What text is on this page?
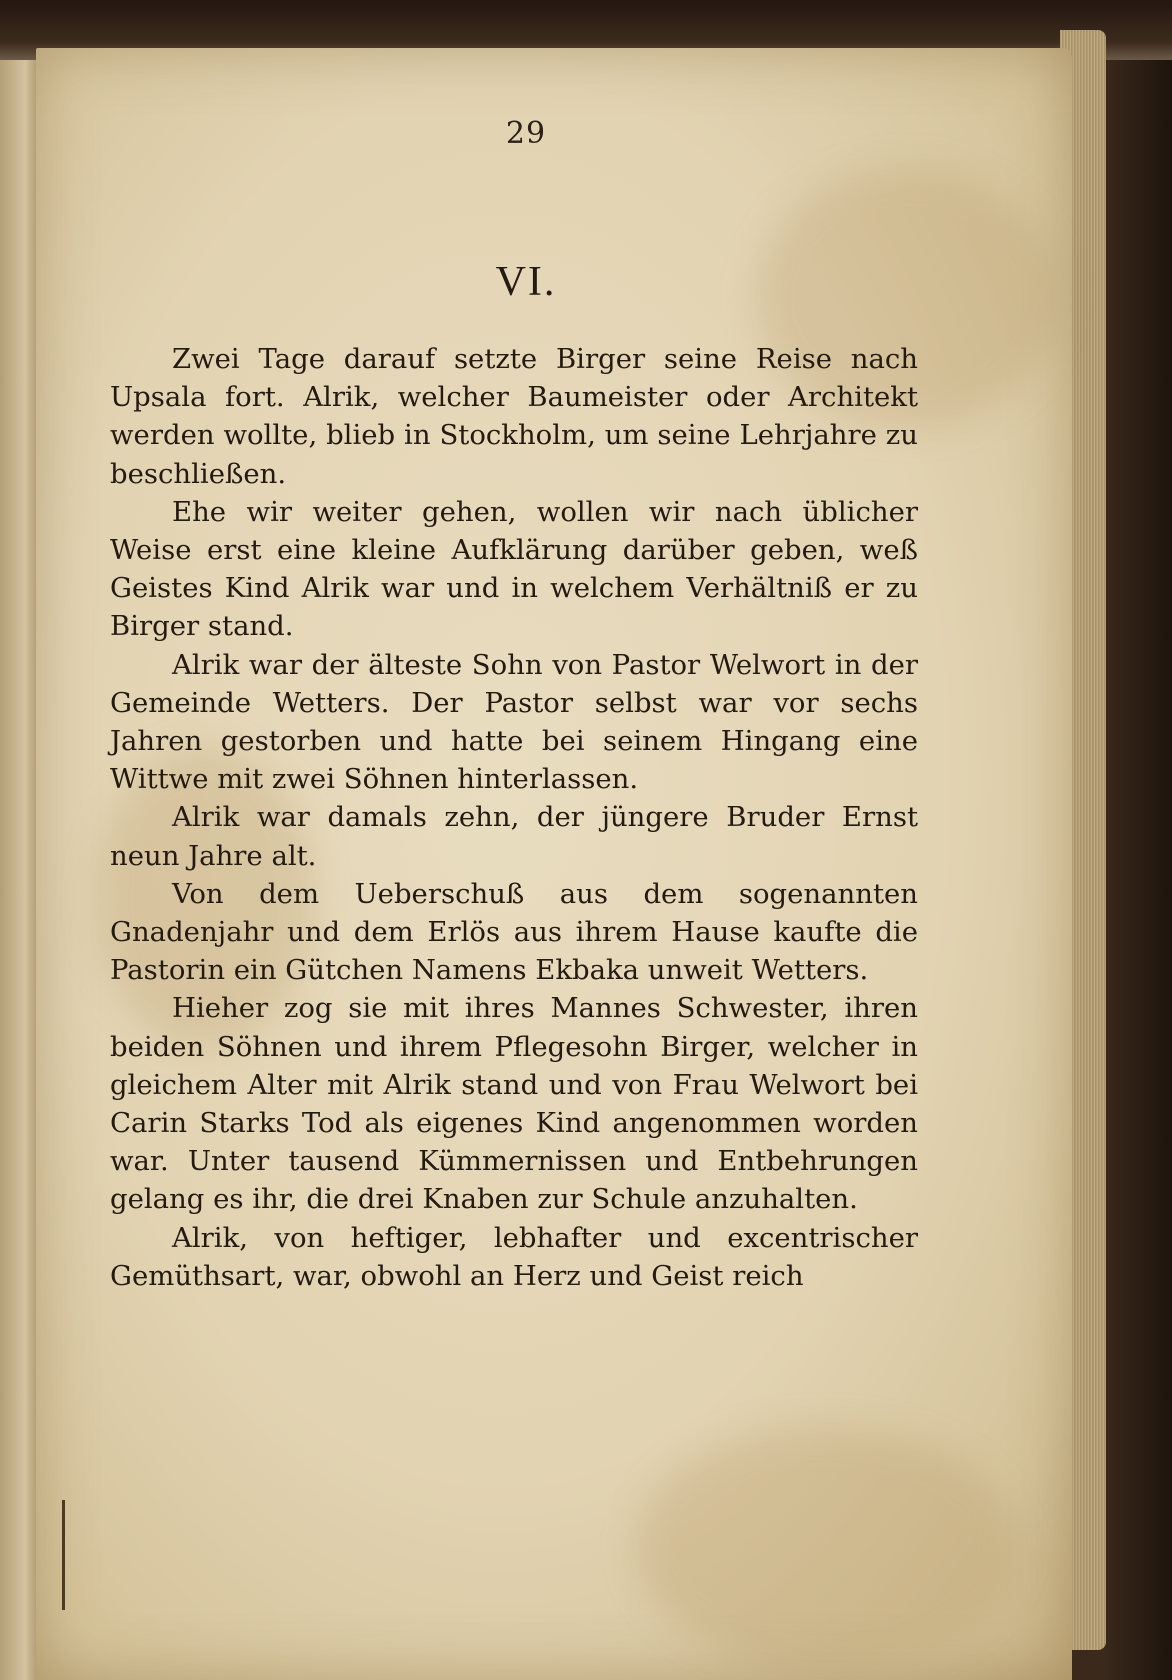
29
VI.

Zwei Tage darauf setzte Birger seine Reise nach Upsala fort. Alrik, welcher Baumeister oder Architekt werden wollte, blieb in Stockholm, um seine Lehrjahre zu beschließen.

Ehe wir weiter gehen, wollen wir nach üblicher Weise erst eine kleine Aufklärung darüber geben, weß Geistes Kind Alrik war und in welchem Verhältniß er zu Birger stand.

Alrik war der älteste Sohn von Pastor Welwort in der Gemeinde Wetters. Der Pastor selbst war vor sechs Jahren gestorben und hatte bei seinem Hingang eine Wittwe mit zwei Söhnen hinterlassen.

Alrik war damals zehn, der jüngere Bruder Ernst neun Jahre alt.

Von dem Ueberschuß aus dem sogenannten Gnadenjahr und dem Erlös aus ihrem Hause kaufte die Pastorin ein Gütchen Namens Ekbaka unweit Wetters.

Hieher zog sie mit ihres Mannes Schwester, ihren beiden Söhnen und ihrem Pflegesohn Birger, welcher in gleichem Alter mit Alrik stand und von Frau Welwort bei Carin Starks Tod als eigenes Kind angenommen worden war. Unter tausend Kümmernissen und Entbehrungen gelang es ihr, die drei Knaben zur Schule anzuhalten.

Alrik, von heftiger, lebhafter und excentrischer Gemüthsart, war, obwohl an Herz und Geist reich
